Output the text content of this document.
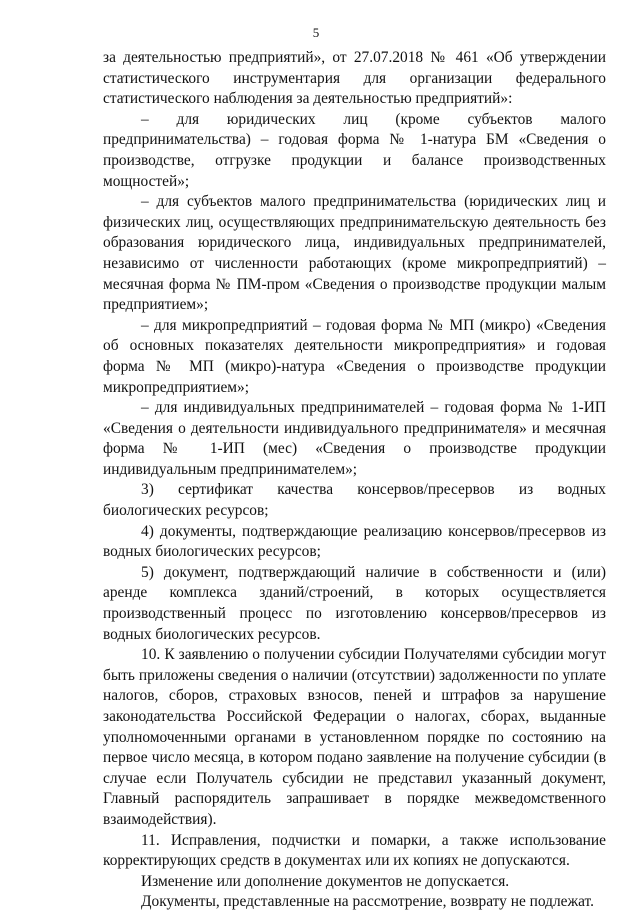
5

за деятельностью предприятий», от 27.07.2018 № 461 «Об утверждении статистического инструментария для организации федерального статистического наблюдения за деятельностью предприятий»:

– для юридических лиц (кроме субъектов малого предпринимательства) – годовая форма № 1-натура БМ «Сведения о производстве, отгрузке продукции и балансе производственных мощностей»;

– для субъектов малого предпринимательства (юридических лиц и физических лиц, осуществляющих предпринимательскую деятельность без образования юридического лица, индивидуальных предпринимателей, независимо от численности работающих (кроме микропредприятий) – месячная форма № ПМ-пром «Сведения о производстве продукции малым предприятием»;

– для микропредприятий – годовая форма № МП (микро) «Сведения об основных показателях деятельности микропредприятия» и годовая форма № МП (микро)-натура «Сведения о производстве продукции микропредприятием»;

– для индивидуальных предпринимателей – годовая форма № 1-ИП «Сведения о деятельности индивидуального предпринимателя» и месячная форма № 1-ИП (мес) «Сведения о производстве продукции индивидуальным предпринимателем»;

3) сертификат качества консервов/пресервов из водных биологических ресурсов;

4) документы, подтверждающие реализацию консервов/пресервов из водных биологических ресурсов;

5) документ, подтверждающий наличие в собственности и (или) аренде комплекса зданий/строений, в которых осуществляется производственный процесс по изготовлению консервов/пресервов из водных биологических ресурсов.

10. К заявлению о получении субсидии Получателями субсидии могут быть приложены сведения о наличии (отсутствии) задолженности по уплате налогов, сборов, страховых взносов, пеней и штрафов за нарушение законодательства Российской Федерации о налогах, сборах, выданные уполномоченными органами в установленном порядке по состоянию на первое число месяца, в котором подано заявление на получение субсидии (в случае если Получатель субсидии не представил указанный документ, Главный распорядитель запрашивает в порядке межведомственного взаимодействия).

11. Исправления, подчистки и помарки, а также использование корректирующих средств в документах или их копиях не допускаются.

Изменение или дополнение документов не допускается.

Документы, представленные на рассмотрение, возврату не подлежат.
